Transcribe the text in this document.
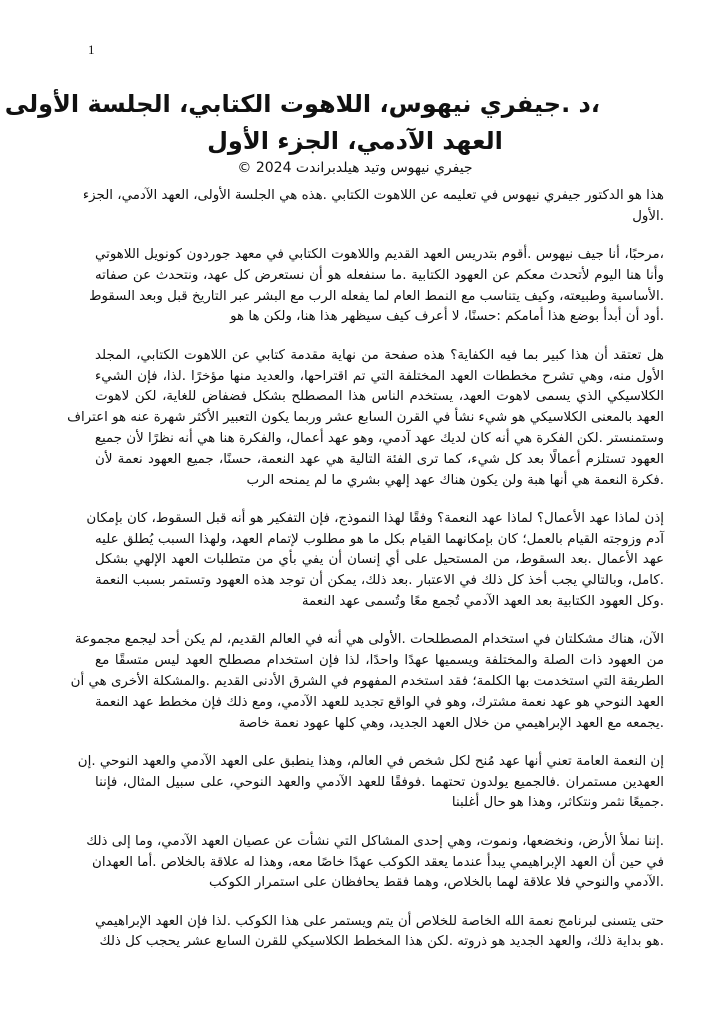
1
،د .جيفري نيهوس، اللاهوت الكتابي، الجلسة الأولى
العهد الآدمي، الجزء الأول
جيفري نيهوس وتيد هيلدبراندت 2024 ©
هذا هو الدكتور جيفري نيهوس في تعليمه عن اللاهوت الكتابي .هذه هي الجلسة الأولى، العهد الآدمي، الجزء
.الأول
،مرحبًا، أنا جيف نيهوس .أقوم بتدريس العهد القديم واللاهوت الكتابي في معهد جوردون كونويل اللاهوتي
وأنا هنا اليوم لأتحدث معكم عن العهود الكتابية .ما سنفعله هو أن نستعرض كل عهد، ونتحدث عن صفاته
.الأساسية وطبيعته، وكيف يتناسب مع النمط العام لما يفعله الرب مع البشر عبر التاريخ قبل وبعد السقوط
.أود أن أبدأ بوضع هذا أمامكم :حسنًا، لا أعرف كيف سيظهر هذا هنا، ولكن ها هو
هل تعتقد أن هذا كبير بما فيه الكفاية؟ هذه صفحة من نهاية مقدمة كتابي عن اللاهوت الكتابي، المجلد
الأول منه، وهي تشرح مخططات العهد المختلفة التي تم اقتراحها، والعديد منها مؤخرًا .لذا، فإن الشيء
الكلاسيكي الذي يسمى لاهوت العهد، يستخدم الناس هذا المصطلح بشكل فضفاض للغاية، لكن لاهوت
العهد بالمعنى الكلاسيكي هو شيء نشأ في القرن السابع عشر وربما يكون التعبير الأكثر شهرة عنه هو اعتراف
وستمنستر .لكن الفكرة هي أنه كان لديك عهد آدمي، وهو عهد أعمال، والفكرة هنا هي أنه نظرًا لأن جميع
العهود تستلزم أعمالًا بعد كل شيء، كما ترى الفئة التالية هي عهد النعمة، حسنًا، جميع العهود نعمة لأن
.فكرة النعمة هي أنها هبة ولن يكون هناك عهد إلهي بشري ما لم يمنحه الرب
إذن لماذا عهد الأعمال؟ لماذا عهد النعمة؟ وفقًا لهذا النموذج، فإن التفكير هو أنه قبل السقوط، كان بإمكان
آدم وزوجته القيام بالعمل؛ كان بإمكانهما القيام بكل ما هو مطلوب لإتمام العهد، ولهذا السبب يُطلق عليه
عهد الأعمال .بعد السقوط، من المستحيل على أي إنسان أن يفي بأي من متطلبات العهد الإلهي بشكل
.كامل، وبالتالي يجب أخذ كل ذلك في الاعتبار .بعد ذلك، يمكن أن توجد هذه العهود وتستمر بسبب النعمة
.وكل العهود الكتابية بعد العهد الآدمي تُجمع معًا وتُسمى عهد النعمة
الآن، هناك مشكلتان في استخدام المصطلحات .الأولى هي أنه في العالم القديم، لم يكن أحد ليجمع مجموعة
من العهود ذات الصلة والمختلفة ويسميها عهدًا واحدًا، لذا فإن استخدام مصطلح العهد ليس متسقًا مع
الطريقة التي استخدمت بها الكلمة؛ فقد استخدم المفهوم في الشرق الأدنى القديم .والمشكلة الأخرى هي أن
العهد النوحي هو عهد نعمة مشترك، وهو في الواقع تجديد للعهد الآدمي، ومع ذلك فإن مخطط عهد النعمة
.يجمعه مع العهد الإبراهيمي من خلال العهد الجديد، وهي كلها عهود نعمة خاصة
إن النعمة العامة تعني أنها عهد مُنح لكل شخص في العالم، وهذا ينطبق على العهد الآدمي والعهد النوحي .إن
العهدين مستمران .فالجميع يولدون تحتهما .فوفقًا للعهد الآدمي والعهد النوحي، على سبيل المثال، فإننا
.جميعًا نثمر ونتكاثر، وهذا هو حال أغلبنا
.إننا نملأ الأرض، ونخضعها، ونموت، وهي إحدى المشاكل التي نشأت عن عصيان العهد الآدمي، وما إلى ذلك
في حين أن العهد الإبراهيمي يبدأ عندما يعقد الكوكب عهدًا خاصًا معه، وهذا له علاقة بالخلاص .أما العهدان
.الآدمي والنوحي فلا علاقة لهما بالخلاص، وهما فقط يحافظان على استمرار الكوكب
حتى يتسنى لبرنامج نعمة الله الخاصة للخلاص أن يتم ويستمر على هذا الكوكب .لذا فإن العهد الإبراهيمي
.هو بداية ذلك، والعهد الجديد هو ذروته .لكن هذا المخطط الكلاسيكي للقرن السابع عشر يحجب كل ذلك
